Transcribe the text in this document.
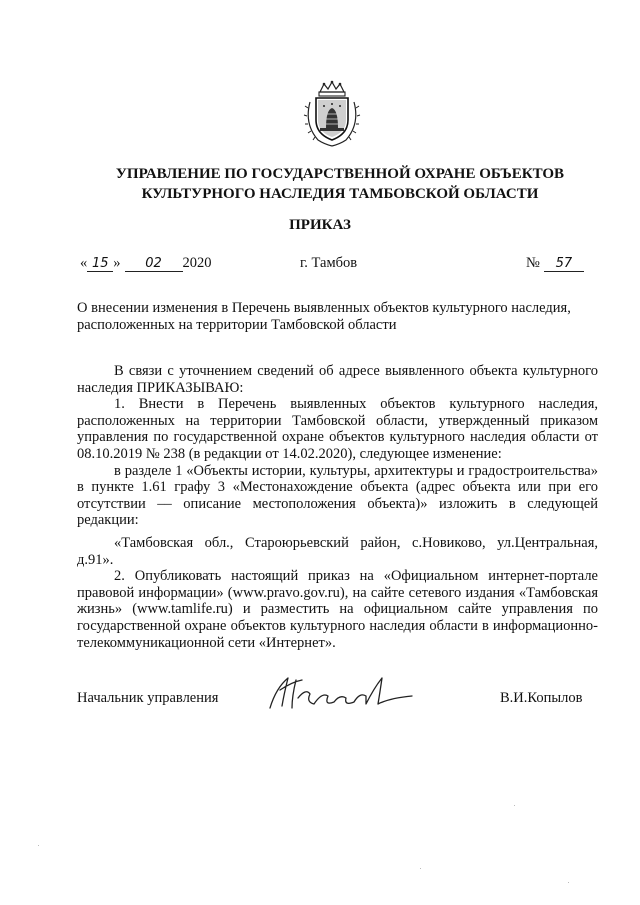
УПРАВЛЕНИЕ ПО ГОСУДАРСТВЕННОЙ ОХРАНЕ ОБЪЕКТОВ
КУЛЬТУРНОГО НАСЛЕДИЯ ТАМБОВСКОЙ ОБЛАСТИ
ПРИКАЗ
« 15 » 02 2020	г. Тамбов	№ 57
О внесении изменения в Перечень выявленных объектов культурного наследия,
расположенных на территории Тамбовской области

В связи с уточнением сведений об адресе выявленного объекта культурного наследия ПРИКАЗЫВАЮ:

1. Внести в Перечень выявленных объектов культурного наследия, расположенных на территории Тамбовской области, утвержденный приказом управления по государственной охране объектов культурного наследия области от 08.10.2019 № 238 (в редакции от 14.02.2020), следующее изменение:

в разделе 1 «Объекты истории, культуры, архитектуры и градостроительства» в пункте 1.61 графу 3 «Местонахождение объекта (адрес объекта или при его отсутствии –– описание местоположения объекта)» изложить в следующей редакции:

«Тамбовская обл., Староюрьевский район, с.Новиково, ул.Центральная, д.91».

2. Опубликовать настоящий приказ на «Официальном интернет-портале правовой информации» (www.pravo.gov.ru), на сайте сетевого издания «Тамбовская жизнь» (www.tamlife.ru) и разместить на официальном сайте управления по государственной охране объектов культурного наследия области в информационно-телекоммуникационной сети «Интернет».

Начальник управления	В.И.Копылов
